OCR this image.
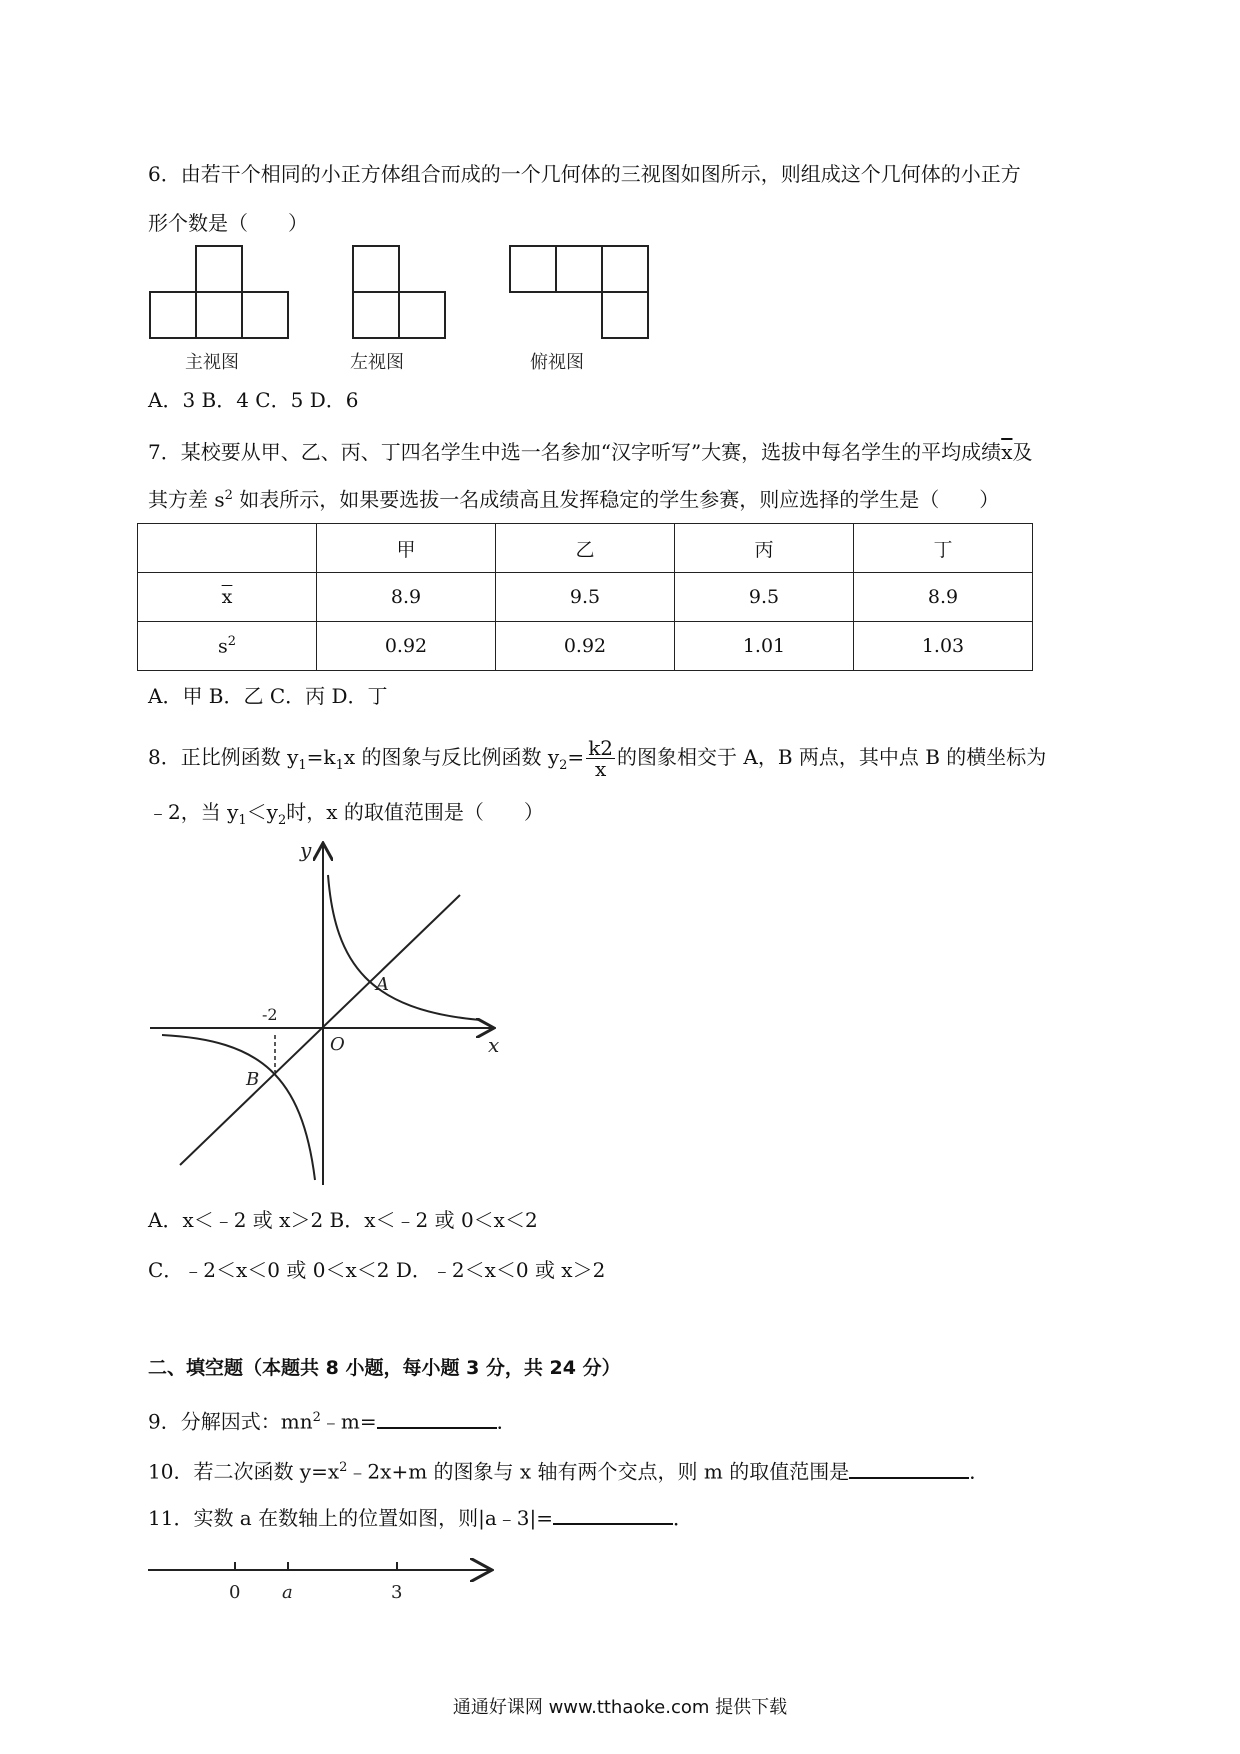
6．由若干个相同的小正方体组合而成的一个几何体的三视图如图所示，则组成这个几何体的小正方
形个数是（　　）
主视图	左视图	俯视图
A．3 B．4 C．5 D．6
7．某校要从甲、乙、丙、丁四名学生中选一名参加“汉字听写”大赛，选拔中每名学生的平均成绩$\overline{x}$及
其方差 $s^2$ 如表所示，如果要选拔一名成绩高且发挥稳定的学生参赛，则应选择的学生是（　　）
	甲	乙	丙	丁
$\overline{x}$	8.9	9.5	9.5	8.9
$s^2$	0.92	0.92	1.01	1.03
A．甲 B．乙 C．丙 D．丁
8．正比例函数 $y_1=k_1x$ 的图象与反比例函数 $y_2= \frac{k2}{x}$ 的图象相交于 A，B 两点，其中点 B 的横坐标为
﹣2，当 $y_1<y_2$时，x 的取值范围是（　　）
y
x
O
A
B
-2
A．x＜﹣2 或 x＞2 B．x＜﹣2 或 0＜x＜2
C．﹣2＜x＜0 或 0＜x＜2 D．﹣2＜x＜0 或 x＞2
二、填空题（本题共 8 小题，每小题 3 分，共 24 分）
9．分解因式：$mn^2﹣m=$	．
10．若二次函数 $y=x^2﹣2x+m$ 的图象与 x 轴有两个交点，则 m 的取值范围是	．
11．实数 a 在数轴上的位置如图，则|a﹣3|=	．
0 a	3
通通好课网 www.tthaoke.com 提供下载
